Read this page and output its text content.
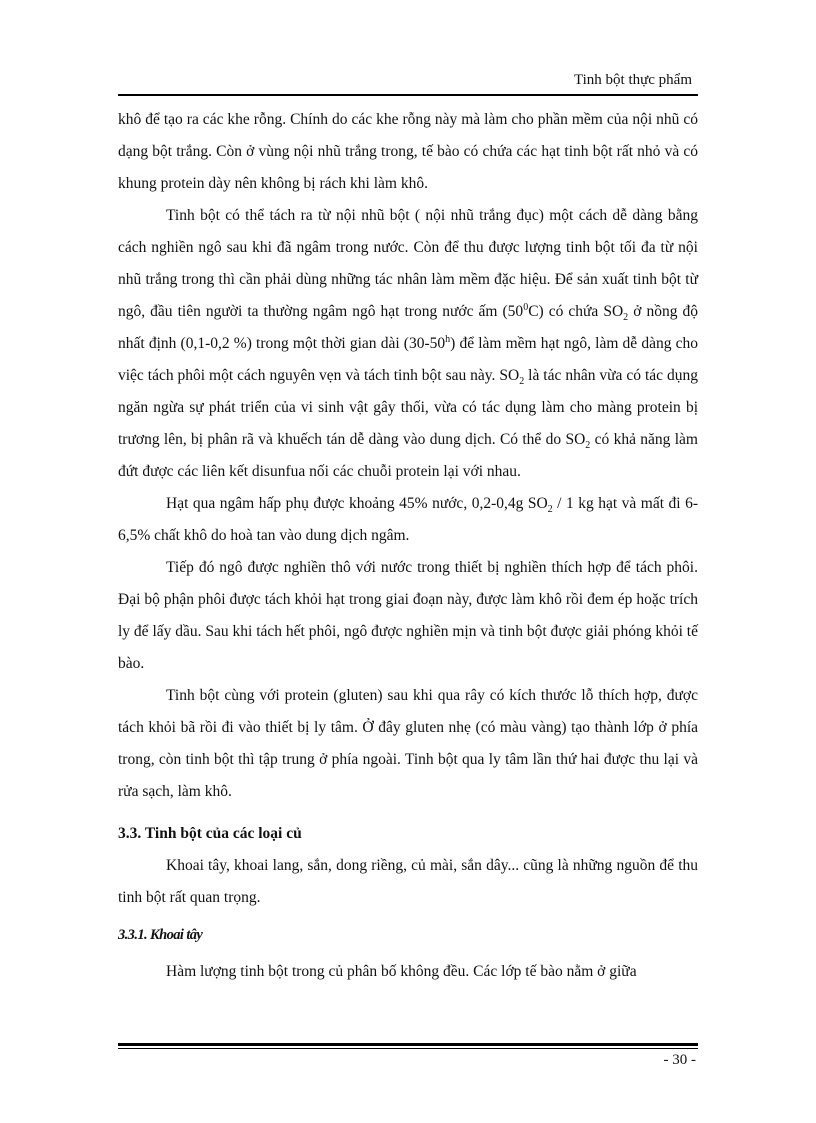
Tinh bột thực phẩm

khô để tạo ra các khe rỗng. Chính do các khe rỗng này mà làm cho phần mềm của nội nhũ có dạng bột trắng. Còn ở vùng nội nhũ trắng trong, tế bào có chứa các hạt tinh bột rất nhỏ và có khung protein dày nên không bị rách khi làm khô.

Tinh bột có thể tách ra từ nội nhũ bột ( nội nhũ trắng đục) một cách dễ dàng bằng cách nghiền ngô sau khi đã ngâm trong nước. Còn để thu được lượng tinh bột tối đa từ nội nhũ trắng trong thì cần phải dùng những tác nhân làm mềm đặc hiệu. Để sản xuất tinh bột từ ngô, đầu tiên người ta thường ngâm ngô hạt trong nước ấm $(50^0C)$ có chứa $SO_2$ ở nồng độ nhất định (0,1-0,2 %) trong một thời gian dài (30-50$^h$) để làm mềm hạt ngô, làm dễ dàng cho việc tách phôi một cách nguyên vẹn và tách tinh bột sau này. $SO_2$ là tác nhân vừa có tác dụng ngăn ngừa sự phát triển của vi sinh vật gây thối, vừa có tác dụng làm cho màng protein bị trương lên, bị phân rã và khuếch tán dễ dàng vào dung dịch. Có thể do $SO_2$ có khả năng làm đứt được các liên kết disunfua nối các chuỗi protein lại với nhau.

Hạt qua ngâm hấp phụ được khoảng 45% nước, 0,2-0,4g $SO_2 / 1$ kg hạt và mất đi 6-6,5% chất khô do hoà tan vào dung dịch ngâm.

Tiếp đó ngô được nghiền thô với nước trong thiết bị nghiền thích hợp để tách phôi. Đại bộ phận phôi được tách khỏi hạt trong giai đoạn này, được làm khô rồi đem ép hoặc trích ly để lấy dầu. Sau khi tách hết phôi, ngô được nghiền mịn và tinh bột được giải phóng khỏi tế bào.

Tinh bột cùng với protein (gluten) sau khi qua rây có kích thước lỗ thích hợp, được tách khỏi bã rồi đi vào thiết bị ly tâm. Ở đây gluten nhẹ (có màu vàng) tạo thành lớp ở phía trong, còn tinh bột thì tập trung ở phía ngoài. Tinh bột qua ly tâm lần thứ hai được thu lại và rửa sạch, làm khô.

3.3. Tinh bột của các loại củ

Khoai tây, khoai lang, sắn, dong riềng, củ mài, sắn dây... cũng là những nguồn để thu tinh bột rất quan trọng.

3.3.1. Khoai tây

Hàm lượng tinh bột trong củ phân bố không đều. Các lớp tế bào nằm ở giữa

- 30 -
